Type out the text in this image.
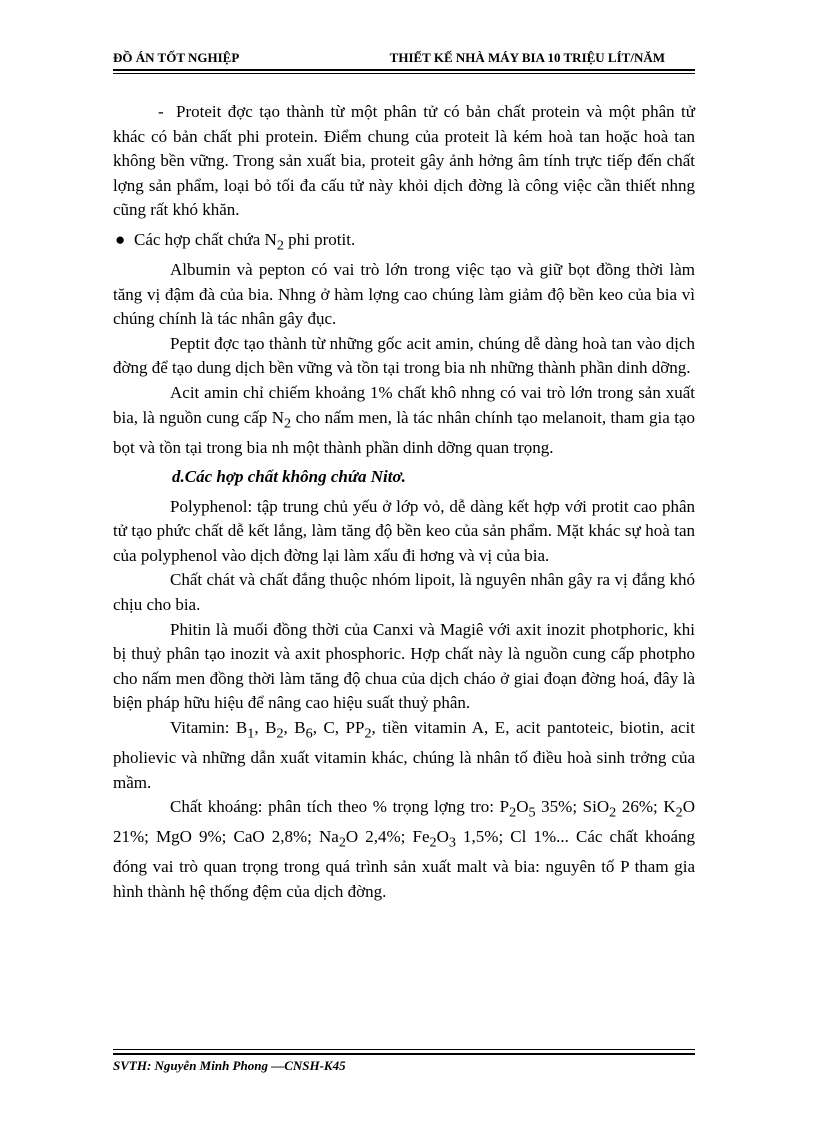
ĐỒ ÁN TỐT NGHIỆP	THIẾT KẾ NHÀ MÁY BIA 10 TRIỆU LÍT/NĂM

- Proteit đợc tạo thành từ một phân tử có bản chất protein và một phân tử khác có bản chất phi protein. Điểm chung của proteit là kém hoà tan hoặc hoà tan không bền vững. Trong sản xuất bia, proteit gây ảnh hởng âm tính trực tiếp đến chất lợng sản phẩm, loại bỏ tối đa cấu tử này khỏi dịch đờng là công việc cần thiết nhng cũng rất khó khăn.

● Các hợp chất chứa $N_2$ phi protit.

Albumin và pepton có vai trò lớn trong việc tạo và giữ bọt đồng thời làm tăng vị đậm đà của bia. Nhng ở hàm lợng cao chúng làm giảm độ bền keo của bia vì chúng chính là tác nhân gây đục.

Peptit đợc tạo thành từ những gốc acit amin, chúng dễ dàng hoà tan vào dịch đờng để tạo dung dịch bền vững và tồn tại trong bia nh những thành phần dinh dỡng.

Acit amin chỉ chiếm khoảng 1% chất khô nhng có vai trò lớn trong sản xuất bia, là nguồn cung cấp $N_2$ cho nấm men, là tác nhân chính tạo melanoit, tham gia tạo bọt và tồn tại trong bia nh một thành phần dinh dỡng quan trọng.

d.Các hợp chất không chứa Nitơ.

Polyphenol: tập trung chủ yếu ở lớp vỏ, dễ dàng kết hợp với protit cao phân tử tạo phức chất dễ kết lắng, làm tăng độ bền keo của sản phẩm. Mặt khác sự hoà tan của polyphenol vào dịch đờng lại làm xấu đi hơng và vị của bia.

Chất chát và chất đắng thuộc nhóm lipoit, là nguyên nhân gây ra vị đắng khó chịu cho bia.

Phitin là muối đồng thời của Canxi và Magiê với axit inozit photphoric, khi bị thuỷ phân tạo inozit và axit phosphoric. Hợp chất này là nguồn cung cấp photpho cho nấm men đồng thời làm tăng độ chua của dịch cháo ở giai đoạn đờng hoá, đây là biện pháp hữu hiệu để nâng cao hiệu suất thuỷ phân.

Vitamin: $B_1$, $B_2$, $B_6$, C, $PP_2$, tiền vitamin A, E, acit pantoteic, biotin, acit pholievic và những dẫn xuất vitamin khác, chúng là nhân tố điều hoà sinh trởng của mầm.

Chất khoáng: phân tích theo % trọng lợng tro: $P_2O_5$ 35%; SiO$_2$ 26%; $K_2O$ 21%; MgO 9%; CaO 2,8%; $Na_2O$ 2,4%; $Fe_2O_3$ 1,5%; Cl 1%... Các chất khoáng đóng vai trò quan trọng trong quá trình sản xuất malt và bia: nguyên tố P tham gia hình thành hệ thống đệm của dịch đờng.

SVTH: Nguyễn Minh Phong —CNSH-K45
